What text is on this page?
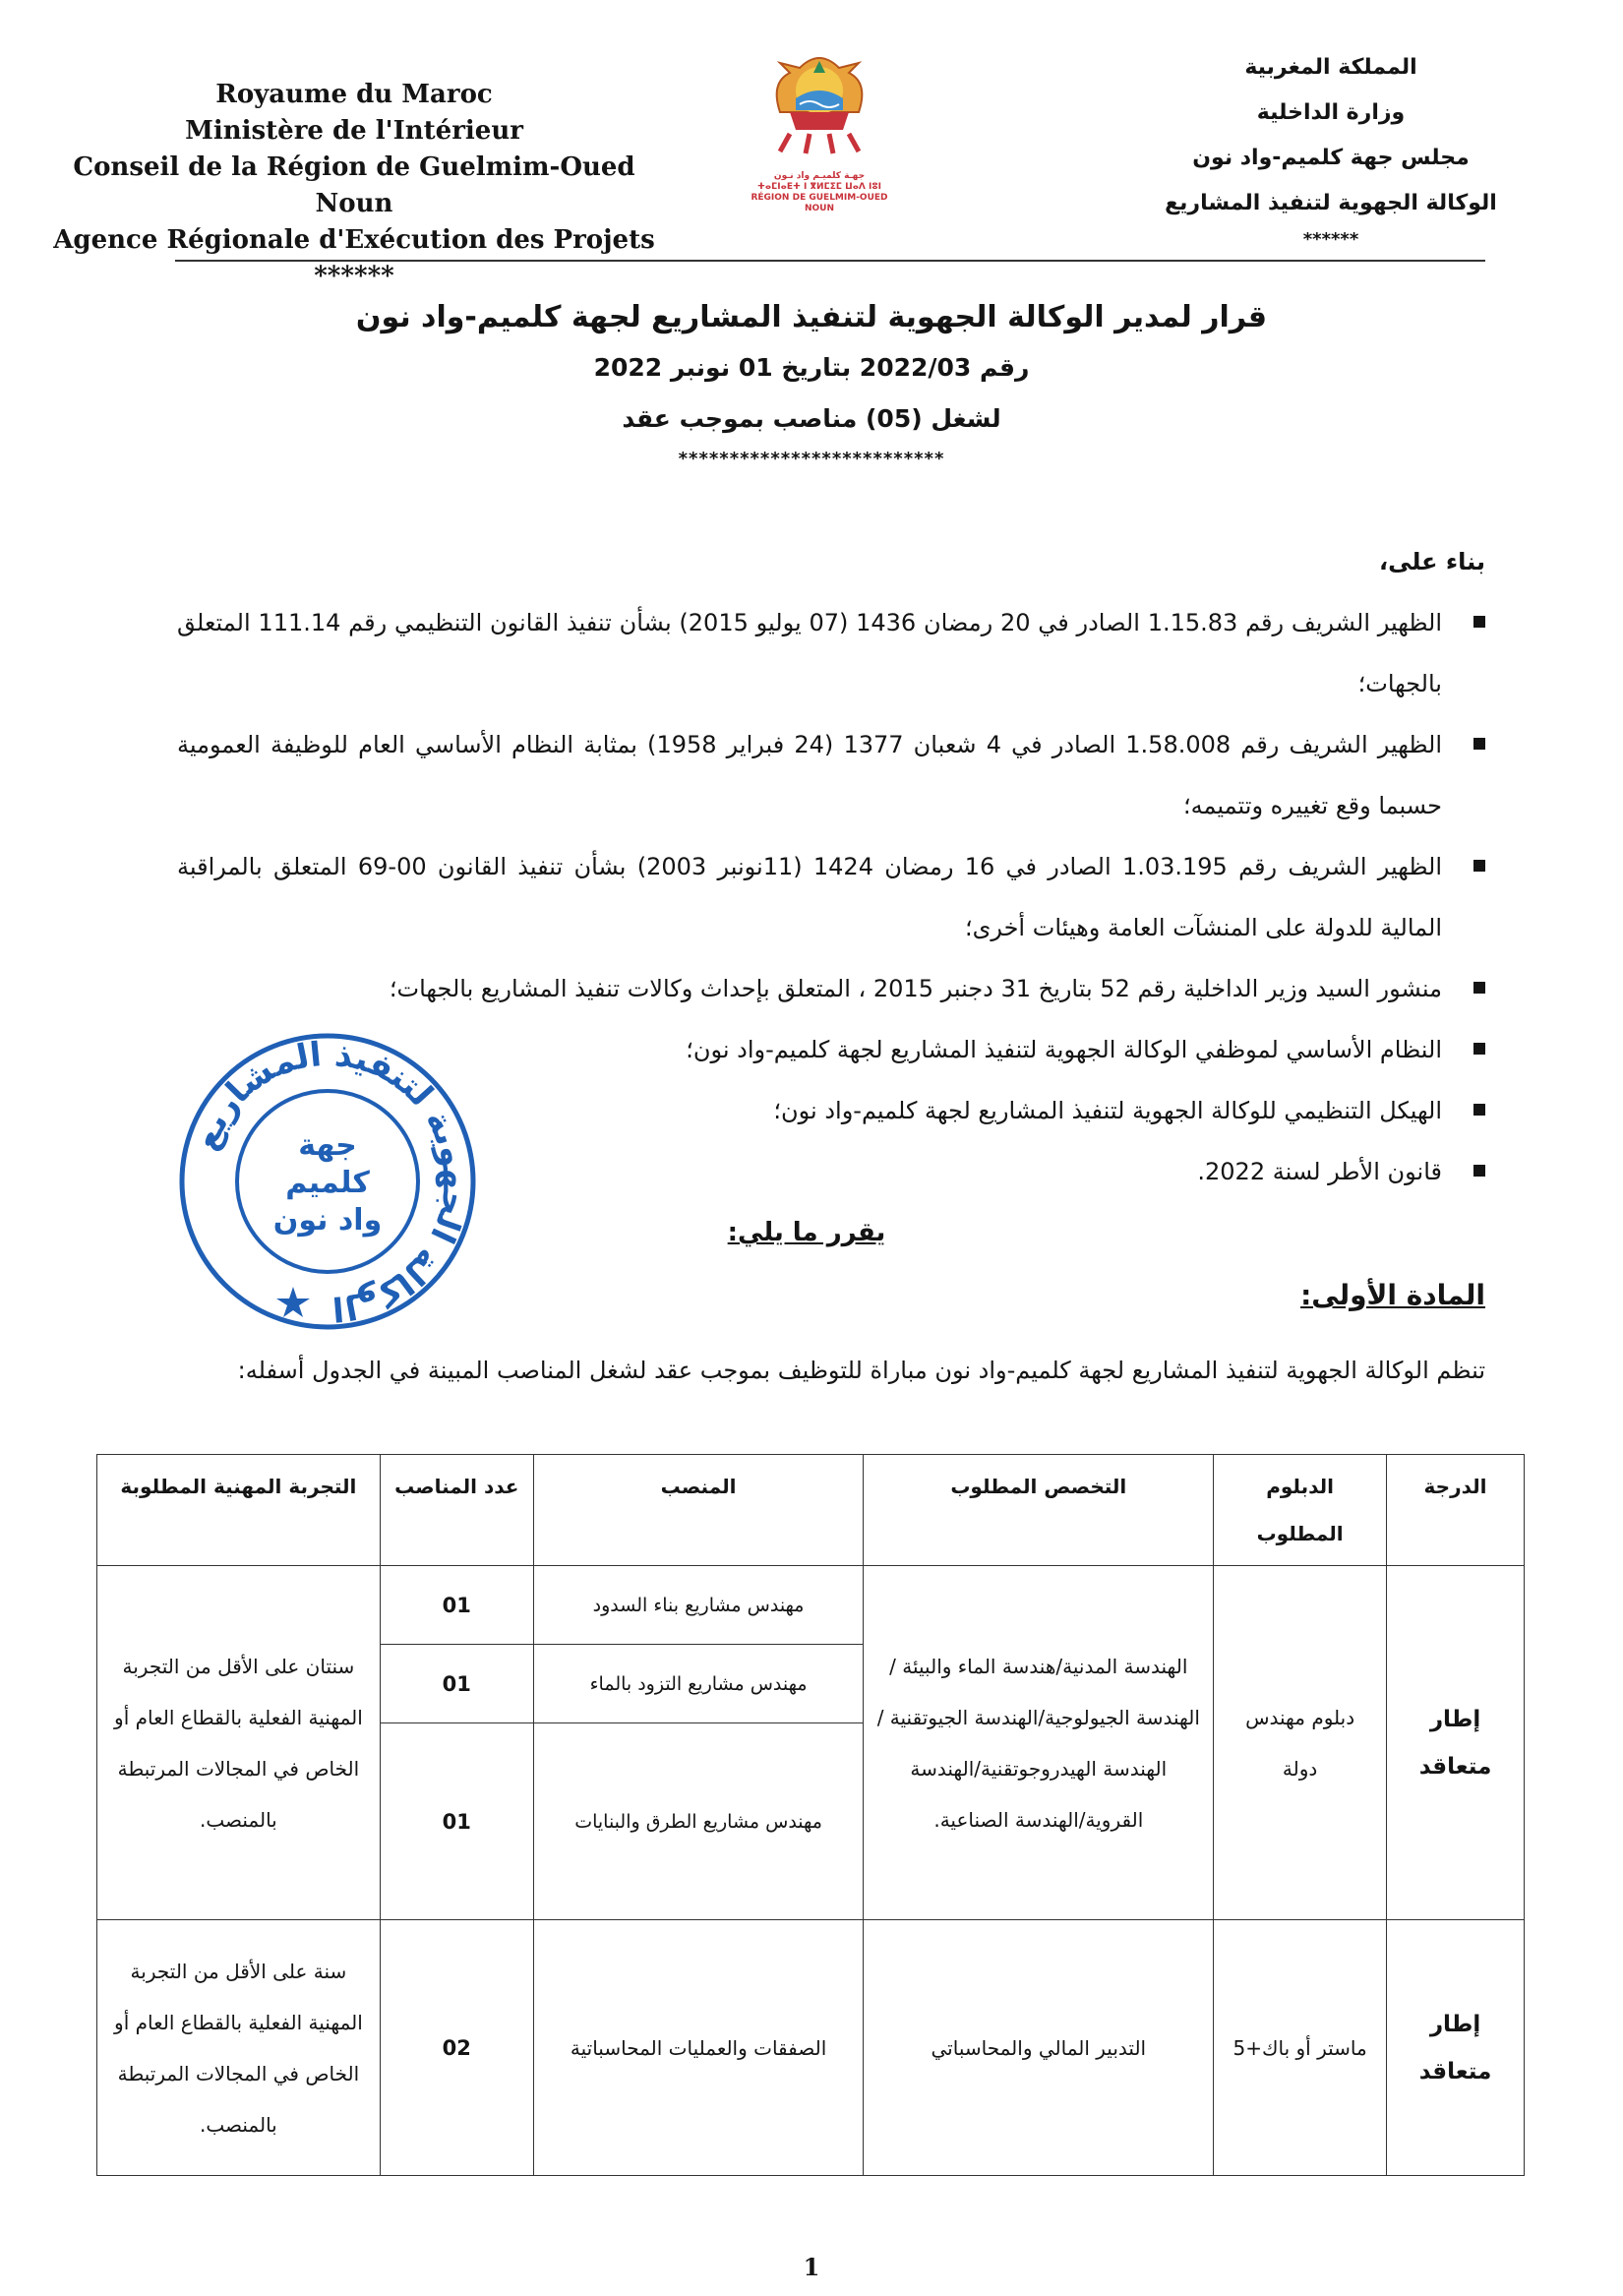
Royaume du Maroc
Ministère de l'Intérieur
Conseil de la Région de Guelmim-Oued Noun
Agence Régionale d'Exécution des Projets
******
جهـة كلميـم واد نـون
ⵜⴰⵎⵏⴰⴹⵜ ⵏ ⴳⵍⵎⵉⵎ ⵡⴰⴷ ⵏⵓⵏ
RÉGION DE GUELMIM-OUED NOUN
المملكة المغربية
وزارة الداخلية
مجلس جهة كلميم-واد نون
الوكالة الجهوية لتنفيذ المشاريع
******
قرار لمدير الوكالة الجهوية لتنفيذ المشاريع لجهة كلميم-واد نون
رقم 2022/03 بتاريخ 01 نونبر 2022
لشغل (05) مناصب بموجب عقد
**************************
بناء على،
الظهير الشريف رقم 1.15.83 الصادر في 20 رمضان 1436 (07 يوليو 2015) بشأن تنفيذ القانون التنظيمي رقم 111.14 المتعلق بالجهات؛
الظهير الشريف رقم 1.58.008 الصادر في 4 شعبان 1377 (24 فبراير 1958) بمثابة النظام الأساسي العام للوظيفة العمومية حسبما وقع تغييره وتتميمه؛
الظهير الشريف رقم 1.03.195 الصادر في 16 رمضان 1424 (11نونبر 2003) بشأن تنفيذ القانون 00-69 المتعلق بالمراقبة المالية للدولة على المنشآت العامة وهيئات أخرى؛
منشور السيد وزير الداخلية رقم 52 بتاريخ 31 دجنبر 2015 ، المتعلق بإحداث وكالات تنفيذ المشاريع بالجهات؛
النظام الأساسي لموظفي الوكالة الجهوية لتنفيذ المشاريع لجهة كلميم-واد نون؛
الهيكل التنظيمي للوكالة الجهوية لتنفيذ المشاريع لجهة كلميم-واد نون؛
قانون الأطر لسنة 2022.
الوكالة الجهوية لتنفيذ المشاريع
جهة
كلميم
واد نون	يقرر ما يلي:
المادة الأولى:
تنظم الوكالة الجهوية لتنفيذ المشاريع لجهة كلميم-واد نون مباراة للتوظيف بموجب عقد لشغل المناصب المبينة في الجدول أسفله:
الدرجة	الدبلوم المطلوب	التخصص المطلوب	المنصب	عدد المناصب	التجربة المهنية المطلوبة
إطار متعاقد	دبلوم مهندس دولة	الهندسة المدنية/هندسة الماء والبيئة /الهندسة الجيولوجية/الهندسة الجيوتقنية /الهندسة الهيدروجوتقنية/الهندسة القروية/الهندسة الصناعية.	مهندس مشاريع بناء السدود	01	سنتان على الأقل من التجربة المهنية الفعلية بالقطاع العام أو الخاص في المجالات المرتبطة بالمنصب.
			مهندس مشاريع التزود بالماء	01	
			مهندس مشاريع الطرق والبنايات	01	
إطار متعاقد	ماستر أو باك+5	التدبير المالي والمحاسباتي	الصفقات والعمليات المحاسباتية	02	سنة على الأقل من التجربة المهنية الفعلية بالقطاع العام أو الخاص في المجالات المرتبطة بالمنصب.
1
